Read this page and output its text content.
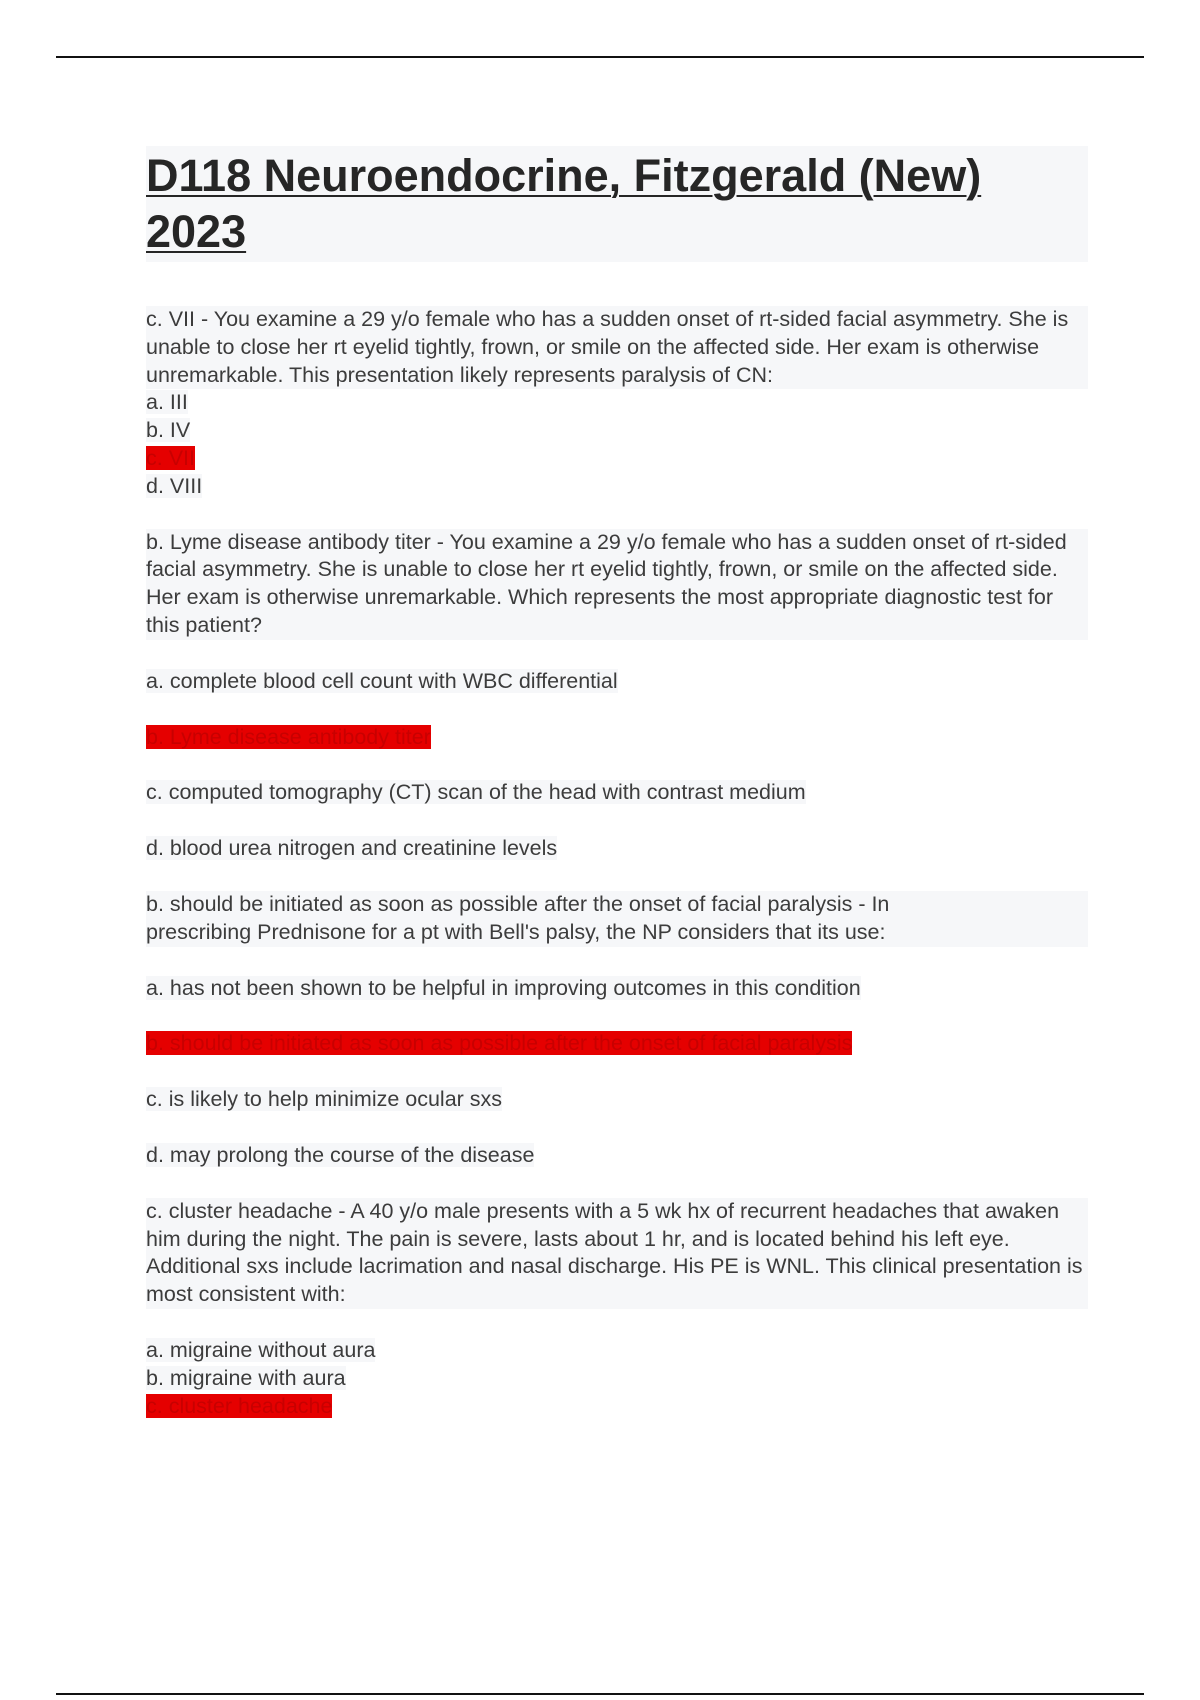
D118 Neuroendocrine, Fitzgerald (New) 2023
c. VII - You examine a 29 y/o female who has a sudden onset of rt-sided facial asymmetry. She is unable to close her rt eyelid tightly, frown, or smile on the affected side. Her exam is otherwise unremarkable. This presentation likely represents paralysis of CN:
a. III
b. IV
c. VII
d. VIII
b. Lyme disease antibody titer - You examine a 29 y/o female who has a sudden onset of rt-sided facial asymmetry. She is unable to close her rt eyelid tightly, frown, or smile on the affected side. Her exam is otherwise unremarkable. Which represents the most appropriate diagnostic test for this patient?
a. complete blood cell count with WBC differential
b. Lyme disease antibody titer
c. computed tomography (CT) scan of the head with contrast medium
d. blood urea nitrogen and creatinine levels
b. should be initiated as soon as possible after the onset of facial paralysis - In prescribing Prednisone for a pt with Bell's palsy, the NP considers that its use:
a. has not been shown to be helpful in improving outcomes in this condition
b. should be initiated as soon as possible after the onset of facial paralysis
c. is likely to help minimize ocular sxs
d. may prolong the course of the disease
c. cluster headache - A 40 y/o male presents with a 5 wk hx of recurrent headaches that awaken him during the night. The pain is severe, lasts about 1 hr, and is located behind his left eye. Additional sxs include lacrimation and nasal discharge. His PE is WNL. This clinical presentation is most consistent with:
a. migraine without aura
b. migraine with aura
c. cluster headache
